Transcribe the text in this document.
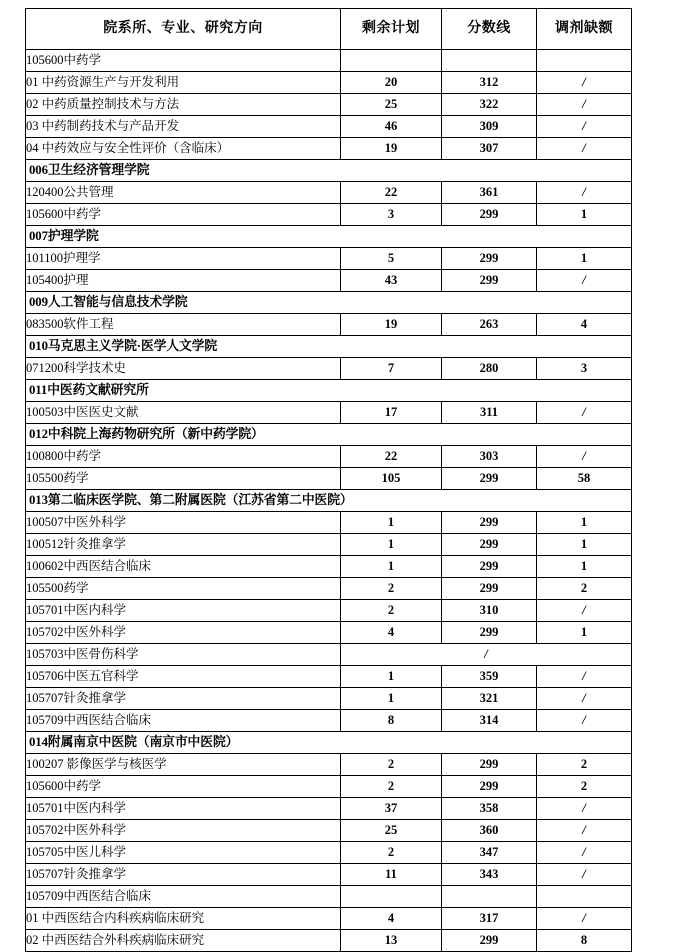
院系所、专业、研究方向	剩余计划	分数线	调剂缺额
105600中药学			
01 中药资源生产与开发利用	20	312	/
02 中药质量控制技术与方法	25	322	/
03 中药制药技术与产品开发	46	309	/
04 中药效应与安全性评价（含临床）	19	307	/
006卫生经济管理学院			
120400公共管理	22	361	/
105600中药学	3	299	1
007护理学院			
101100护理学	5	299	1
105400护理	43	299	/
009人工智能与信息技术学院			
083500软件工程	19	263	4
010马克思主义学院·医学人文学院			
071200科学技术史	7	280	3
011中医药文献研究所			
100503中医医史文献	17	311	/
012中科院上海药物研究所（新中药学院）			
100800中药学	22	303	/
105500药学	105	299	58
013第二临床医学院、第二附属医院（江苏省第二中医院）			
100507中医外科学	1	299	1
100512针灸推拿学	1	299	1
100602中西医结合临床	1	299	1
105500药学	2	299	2
105701中医内科学	2	310	/
105702中医外科学	4	299	1
105703中医骨伤科学	/		
105706中医五官科学	1	359	/
105707针灸推拿学	1	321	/
105709中西医结合临床	8	314	/
014附属南京中医院（南京市中医院）			
100207 影像医学与核医学	2	299	2
105600中药学	2	299	2
105701中医内科学	37	358	/
105702中医外科学	25	360	/
105705中医儿科学	2	347	/
105707针灸推拿学	11	343	/
105709中西医结合临床			
01 中西医结合内科疾病临床研究	4	317	/
02 中西医结合外科疾病临床研究	13	299	8
